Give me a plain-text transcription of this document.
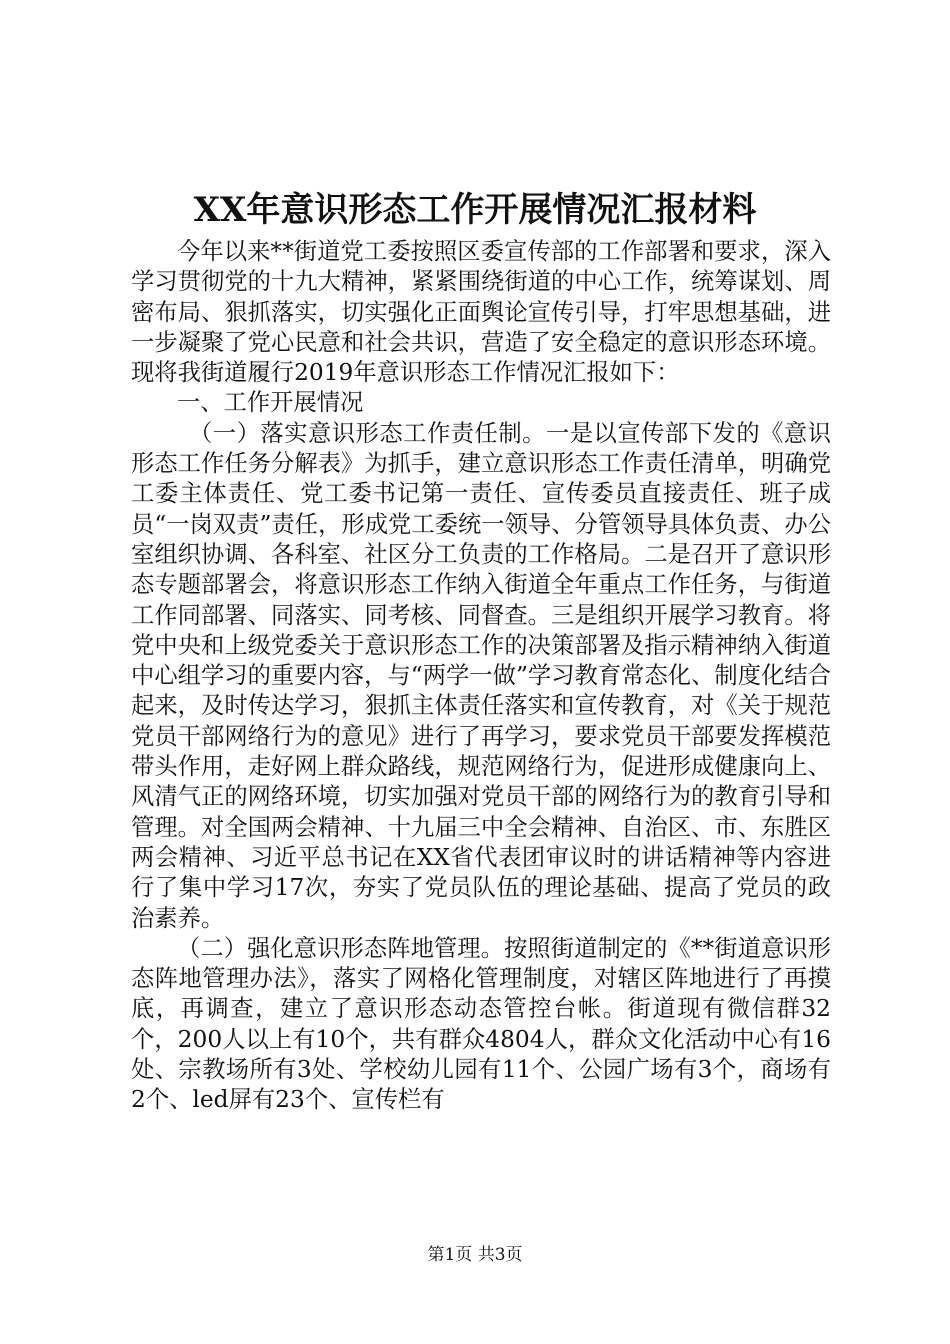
XX年意识形态工作开展情况汇报材料

今年以来**街道党工委按照区委宣传部的工作部署和要求，深入学习贯彻党的十九大精神，紧紧围绕街道的中心工作，统筹谋划、周密布局、狠抓落实，切实强化正面舆论宣传引导，打牢思想基础，进一步凝聚了党心民意和社会共识，营造了安全稳定的意识形态环境。现将我街道履行2019年意识形态工作情况汇报如下：

一、工作开展情况

（一）落实意识形态工作责任制。一是以宣传部下发的《意识形态工作任务分解表》为抓手，建立意识形态工作责任清单，明确党工委主体责任、党工委书记第一责任、宣传委员直接责任、班子成员“一岗双责”责任，形成党工委统一领导、分管领导具体负责、办公室组织协调、各科室、社区分工负责的工作格局。二是召开了意识形态专题部署会，将意识形态工作纳入街道全年重点工作任务，与街道工作同部署、同落实、同考核、同督查。三是组织开展学习教育。将党中央和上级党委关于意识形态工作的决策部署及指示精神纳入街道中心组学习的重要内容，与“两学一做”学习教育常态化、制度化结合起来，及时传达学习，狠抓主体责任落实和宣传教育，对《关于规范党员干部网络行为的意见》进行了再学习，要求党员干部要发挥模范带头作用，走好网上群众路线，规范网络行为，促进形成健康向上、风清气正的网络环境，切实加强对党员干部的网络行为的教育引导和管理。对全国两会精神、十九届三中全会精神、自治区、市、东胜区两会精神、习近平总书记在XX省代表团审议时的讲话精神等内容进行了集中学习17次，夯实了党员队伍的理论基础、提高了党员的政治素养。

（二）强化意识形态阵地管理。按照街道制定的《**街道意识形态阵地管理办法》，落实了网格化管理制度，对辖区阵地进行了再摸底，再调查，建立了意识形态动态管控台帐。街道现有微信群32个，200人以上有10个，共有群众4804人，群众文化活动中心有16处、宗教场所有3处、学校幼儿园有11个、公园广场有3个，商场有2个、led屏有23个、宣传栏有

第1页 共3页
